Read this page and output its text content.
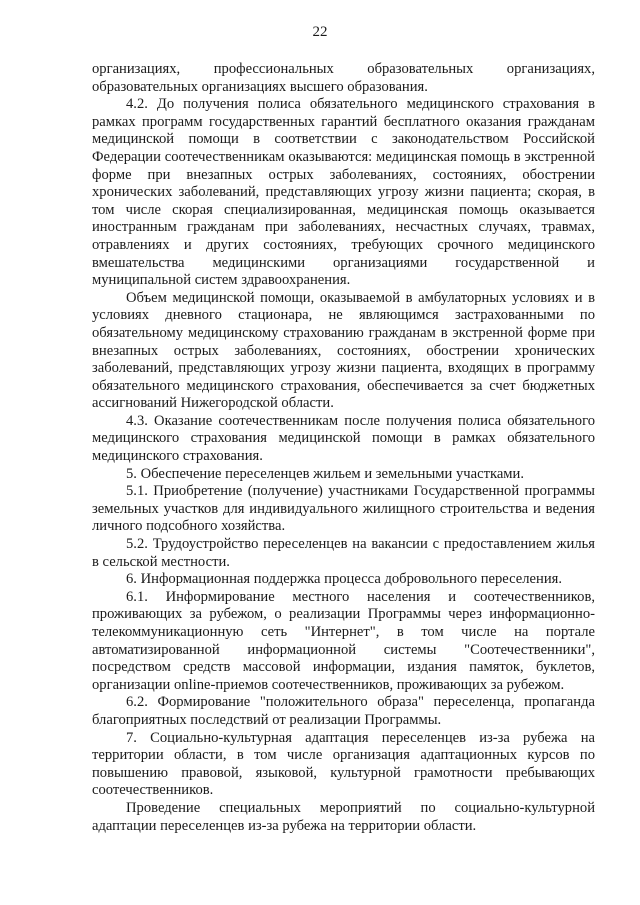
22

организациях, профессиональных образовательных организациях, образовательных организациях высшего образования.

4.2. До получения полиса обязательного медицинского страхования в рамках программ государственных гарантий бесплатного оказания гражданам медицинской помощи в соответствии с законодательством Российской Федерации соотечественникам оказываются: медицинская помощь в экстренной форме при внезапных острых заболеваниях, состояниях, обострении хронических заболеваний, представляющих угрозу жизни пациента; скорая, в том числе скорая специализированная, медицинская помощь оказывается иностранным гражданам при заболеваниях, несчастных случаях, травмах, отравлениях и других состояниях, требующих срочного медицинского вмешательства медицинскими организациями государственной и муниципальной систем здравоохранения.

Объем медицинской помощи, оказываемой в амбулаторных условиях и в условиях дневного стационара, не являющимся застрахованными по обязательному медицинскому страхованию гражданам в экстренной форме при внезапных острых заболеваниях, состояниях, обострении хронических заболеваний, представляющих угрозу жизни пациента, входящих в программу обязательного медицинского страхования, обеспечивается за счет бюджетных ассигнований Нижегородской области.

4.3. Оказание соотечественникам после получения полиса обязательного медицинского страхования медицинской помощи в рамках обязательного медицинского страхования.

5. Обеспечение переселенцев жильем и земельными участками.

5.1. Приобретение (получение) участниками Государственной программы земельных участков для индивидуального жилищного строительства и ведения личного подсобного хозяйства.

5.2. Трудоустройство переселенцев на вакансии с предоставлением жилья в сельской местности.

6. Информационная поддержка процесса добровольного переселения.

6.1. Информирование местного населения и соотечественников, проживающих за рубежом, о реализации Программы через информационно-телекоммуникационную сеть "Интернет", в том числе на портале автоматизированной информационной системы "Соотечественники", посредством средств массовой информации, издания памяток, буклетов, организации online-приемов соотечественников, проживающих за рубежом.

6.2. Формирование "положительного образа" переселенца, пропаганда благоприятных последствий от реализации Программы.

7. Социально-культурная адаптация переселенцев из-за рубежа на территории области, в том числе организация адаптационных курсов по повышению правовой, языковой, культурной грамотности пребывающих соотечественников.

Проведение специальных мероприятий по социально-культурной адаптации переселенцев из-за рубежа на территории области.
